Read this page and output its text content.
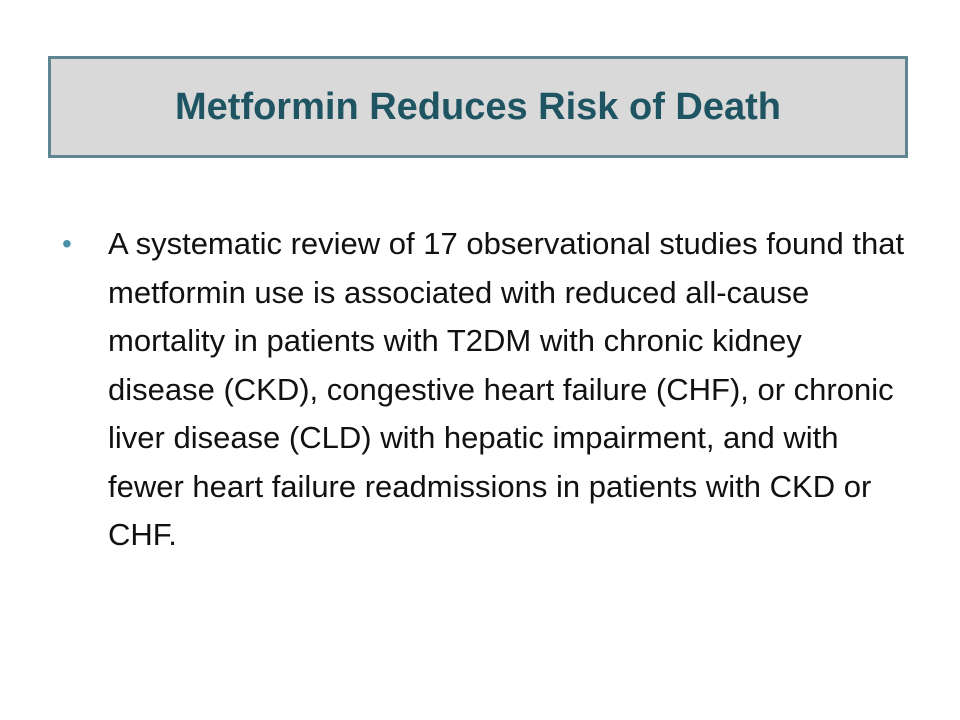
Metformin Reduces Risk of Death
•	A systematic review of 17 observational studies found that metformin use is associated with reduced all-cause mortality in patients with T2DM with chronic kidney disease (CKD), congestive heart failure (CHF), or chronic liver disease (CLD) with hepatic impairment, and with fewer heart failure readmissions in patients with CKD or CHF.
